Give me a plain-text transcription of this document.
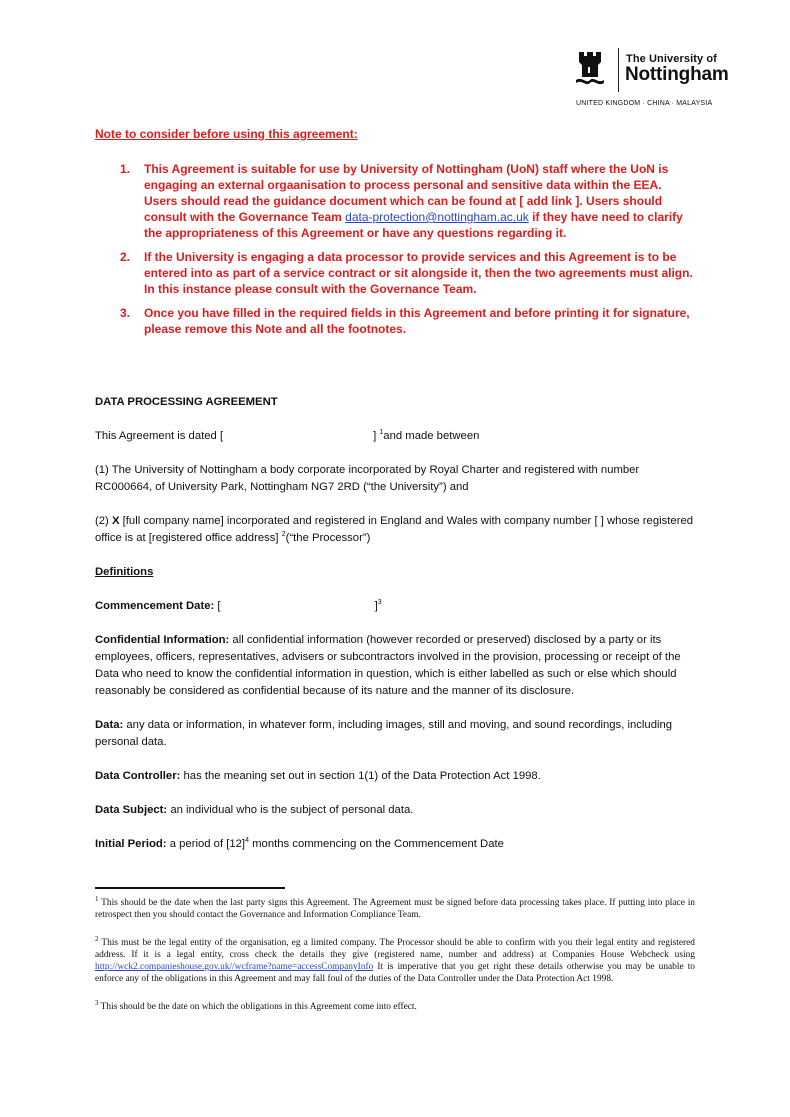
The University of
Nottingham
UNITED KINGDOM · CHINA · MALAYSIA
Note to consider before using this agreement:
1. This Agreement is suitable for use by University of Nottingham (UoN) staff where the UoN is engaging an external orgaanisation to process personal and sensitive data within the EEA. Users should read the guidance document which can be found at [ add link ]. Users should consult with the Governance Team data-protection@nottingham.ac.uk if they have need to clarify the appropriateness of this Agreement or have any questions regarding it.
2. If the University is engaging a data processor to provide services and this Agreement is to be entered into as part of a service contract or sit alongside it, then the two agreements must align. In this instance please consult with the Governance Team.
3. Once you have filled in the required fields in this Agreement and before printing it for signature, please remove this Note and all the footnotes.

DATA PROCESSING AGREEMENT

This Agreement is dated [	] $^1$and made between

(1) The University of Nottingham a body corporate incorporated by Royal Charter and registered with number RC000664, of University Park, Nottingham NG7 2RD (“the University”) and

(2) X [full company name] incorporated and registered in England and Wales with company number [ ] whose registered office is at [registered office address] $^2$(“the Processor”)

Definitions

Commencement Date: [	]$^3$

Confidential Information: all confidential information (however recorded or preserved) disclosed by a party or its employees, officers, representatives, advisers or subcontractors involved in the provision, processing or receipt of the Data who need to know the confidential information in question, which is either labelled as such or else which should reasonably be considered as confidential because of its nature and the manner of its disclosure.

Data: any data or information, in whatever form, including images, still and moving, and sound recordings, including personal data.

Data Controller: has the meaning set out in section 1(1) of the Data Protection Act 1998.

Data Subject: an individual who is the subject of personal data.

Initial Period: a period of $[12]^4$ months commencing on the Commencement Date

$^1$ This should be the date when the last party signs this Agreement. The Agreement must be signed before data processing takes place. If putting into place in retrospect then you should contact the Governance and Information Compliance Team.

$^2$ This must be the legal entity of the organisation, eg a limited company. The Processor should be able to confirm with you their legal entity and registered address. If it is a legal entity, cross check the details they give (registered name, number and address) at Companies House Webcheck using http://wck2.companieshouse.gov.uk//wcframe?name=accessCompanyInfo It is imperative that you get right these details otherwise you may be unable to enforce any of the obligations in this Agreement and may fall foul of the duties of the Data Controller under the Data Protection Act 1998.

$^3$ This should be the date on which the obligations in this Agreement come into effect.
